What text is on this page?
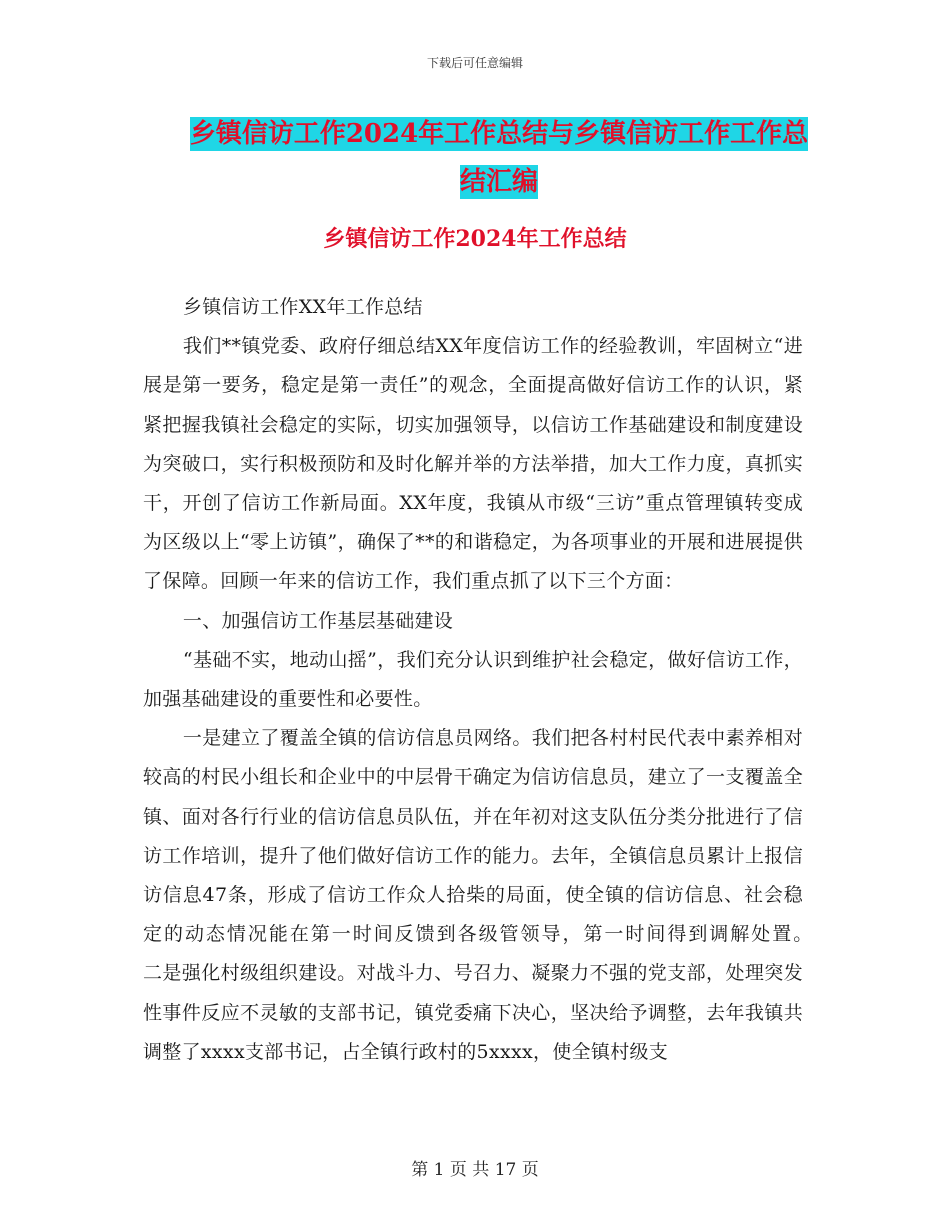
下载后可任意编辑
乡镇信访工作2024年工作总结与乡镇信访工作工作总
结汇编
乡镇信访工作2024年工作总结

乡镇信访工作XX年工作总结

我们**镇党委、政府仔细总结XX年度信访工作的经验教训，牢固树立“进展是第一要务，稳定是第一责任”的观念，全面提高做好信访工作的认识，紧紧把握我镇社会稳定的实际，切实加强领导，以信访工作基础建设和制度建设为突破口，实行积极预防和及时化解并举的方法举措，加大工作力度，真抓实干，开创了信访工作新局面。XX年度，我镇从市级“三访”重点管理镇转变成为区级以上“零上访镇”，确保了**的和谐稳定，为各项事业的开展和进展提供了保障。回顾一年来的信访工作，我们重点抓了以下三个方面：

一、加强信访工作基层基础建设

“基础不实，地动山摇”，我们充分认识到维护社会稳定，做好信访工作，加强基础建设的重要性和必要性。

一是建立了覆盖全镇的信访信息员网络。我们把各村村民代表中素养相对较高的村民小组长和企业中的中层骨干确定为信访信息员，建立了一支覆盖全镇、面对各行行业的信访信息员队伍，并在年初对这支队伍分类分批进行了信访工作培训，提升了他们做好信访工作的能力。去年，全镇信息员累计上报信访信息47条，形成了信访工作众人拾柴的局面，使全镇的信访信息、社会稳定的动态情况能在第一时间反馈到各级管领导，第一时间得到调解处置。　　　　二是强化村级组织建设。对战斗力、号召力、凝聚力不强的党支部，处理突发性事件反应不灵敏的支部书记，镇党委痛下决心，坚决给予调整，去年我镇共调整了xxxx支部书记，占全镇行政村的5xxxx，使全镇村级支

第 1 页 共 17 页
